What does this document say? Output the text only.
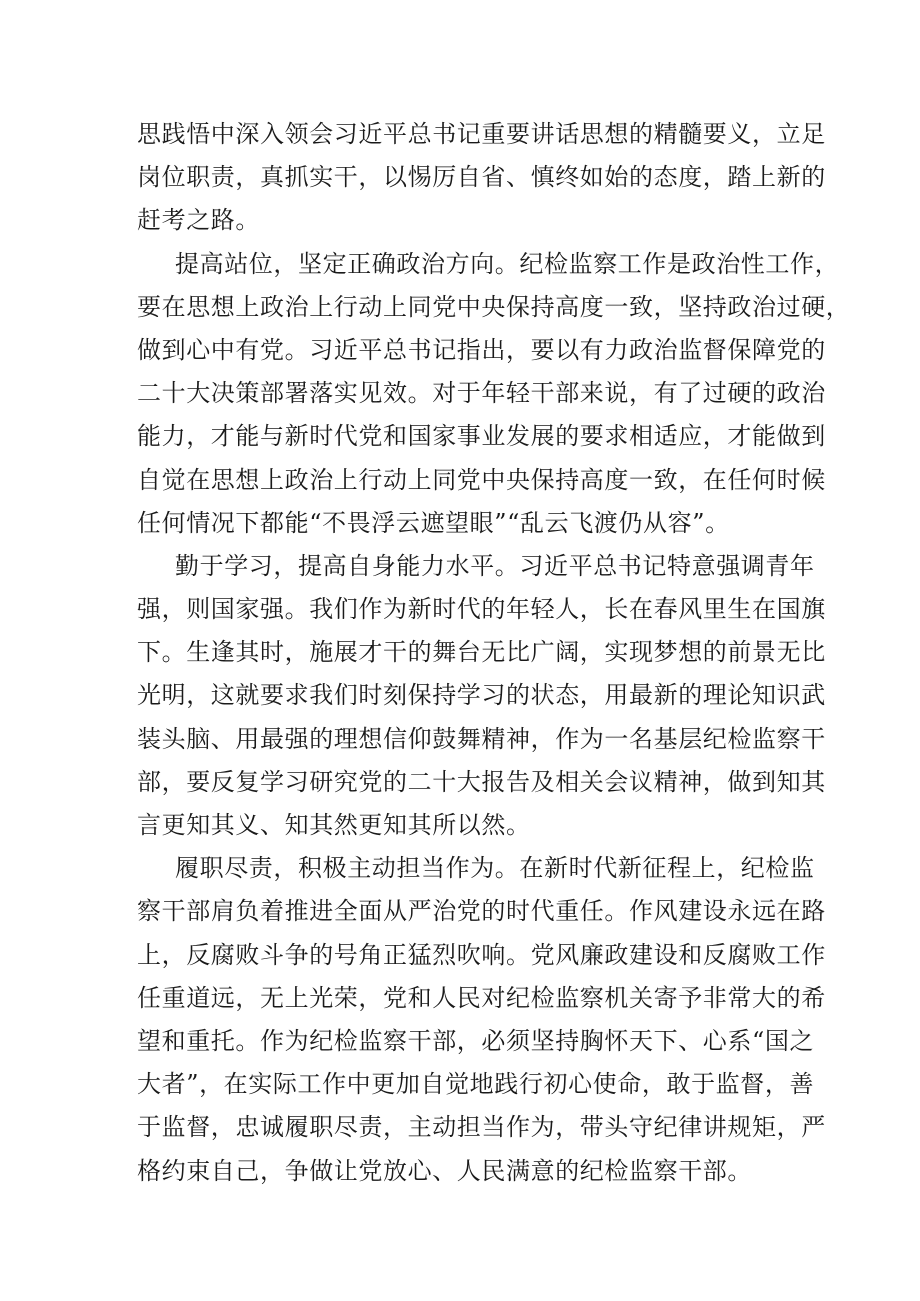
思践悟中深入领会习近平总书记重要讲话思想的精髓要义，立足
岗位职责，真抓实干，以惕厉自省、慎终如始的态度，踏上新的
赶考之路。
提高站位，坚定正确政治方向。纪检监察工作是政治性工作，
要在思想上政治上行动上同党中央保持高度一致，坚持政治过硬，
做到心中有党。习近平总书记指出，要以有力政治监督保障党的
二十大决策部署落实见效。对于年轻干部来说，有了过硬的政治
能力，才能与新时代党和国家事业发展的要求相适应，才能做到
自觉在思想上政治上行动上同党中央保持高度一致，在任何时候
任何情况下都能“不畏浮云遮望眼”“乱云飞渡仍从容”。
勤于学习，提高自身能力水平。习近平总书记特意强调青年
强，则国家强。我们作为新时代的年轻人，长在春风里生在国旗
下。生逢其时，施展才干的舞台无比广阔，实现梦想的前景无比
光明，这就要求我们时刻保持学习的状态，用最新的理论知识武
装头脑、用最强的理想信仰鼓舞精神，作为一名基层纪检监察干
部，要反复学习研究党的二十大报告及相关会议精神，做到知其
言更知其义、知其然更知其所以然。
履职尽责，积极主动担当作为。在新时代新征程上，纪检监
察干部肩负着推进全面从严治党的时代重任。作风建设永远在路
上，反腐败斗争的号角正猛烈吹响。党风廉政建设和反腐败工作
任重道远，无上光荣，党和人民对纪检监察机关寄予非常大的希
望和重托。作为纪检监察干部，必须坚持胸怀天下、心系“国之
大者”，在实际工作中更加自觉地践行初心使命，敢于监督，善
于监督，忠诚履职尽责，主动担当作为，带头守纪律讲规矩，严
格约束自己，争做让党放心、人民满意的纪检监察干部。
